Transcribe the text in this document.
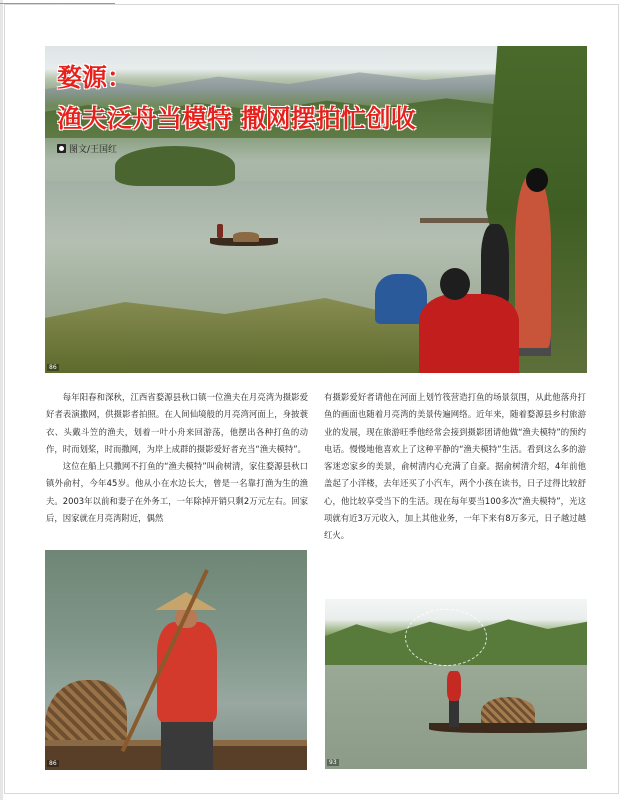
......
婺源：
渔夫泛舟当模特 撒网摆拍忙创收
图文/王国红
86

每年阳春和深秋，江西省婺源县秋口镇一位渔夫在月亮湾为摄影爱好者表演撒网，供摄影者拍照。在人间仙境般的月亮湾河面上，身披蓑衣、头戴斗笠的渔夫，划着一叶小舟来回游荡，他摆出各种打鱼的动作，时而划桨，时而撒网，为岸上成群的摄影爱好者充当“渔夫模特”。

这位在船上只撒网不打鱼的“渔夫模特”叫俞树清，家住婺源县秋口镇外俞村，今年45岁。他从小在水边长大，曾是一名靠打渔为生的渔夫。2003年以前和妻子在外务工，一年除掉开销只剩2万元左右。回家后，因家就在月亮湾附近，偶然

有摄影爱好者请他在河面上划竹筏营造打鱼的场景氛围，从此他落舟打鱼的画面也随着月亮湾的美景传遍网络。近年来，随着婺源县乡村旅游业的发展，现在旅游旺季他经常会接到摄影团请他做“渔夫模特”的预约电话。慢慢地他喜欢上了这种平静的“渔夫模特”生活。看到这么多的游客迷恋家乡的美景，俞树清内心充满了自豪。据俞树清介绍，4年前他盖起了小洋楼，去年还买了小汽车，两个小孩在读书，日子过得比较舒心，他比较享受当下的生活。现在每年要当100多次“渔夫模特”，光这项就有近3万元收入，加上其他业务，一年下来有8万多元，日子越过越红火。

86	93
